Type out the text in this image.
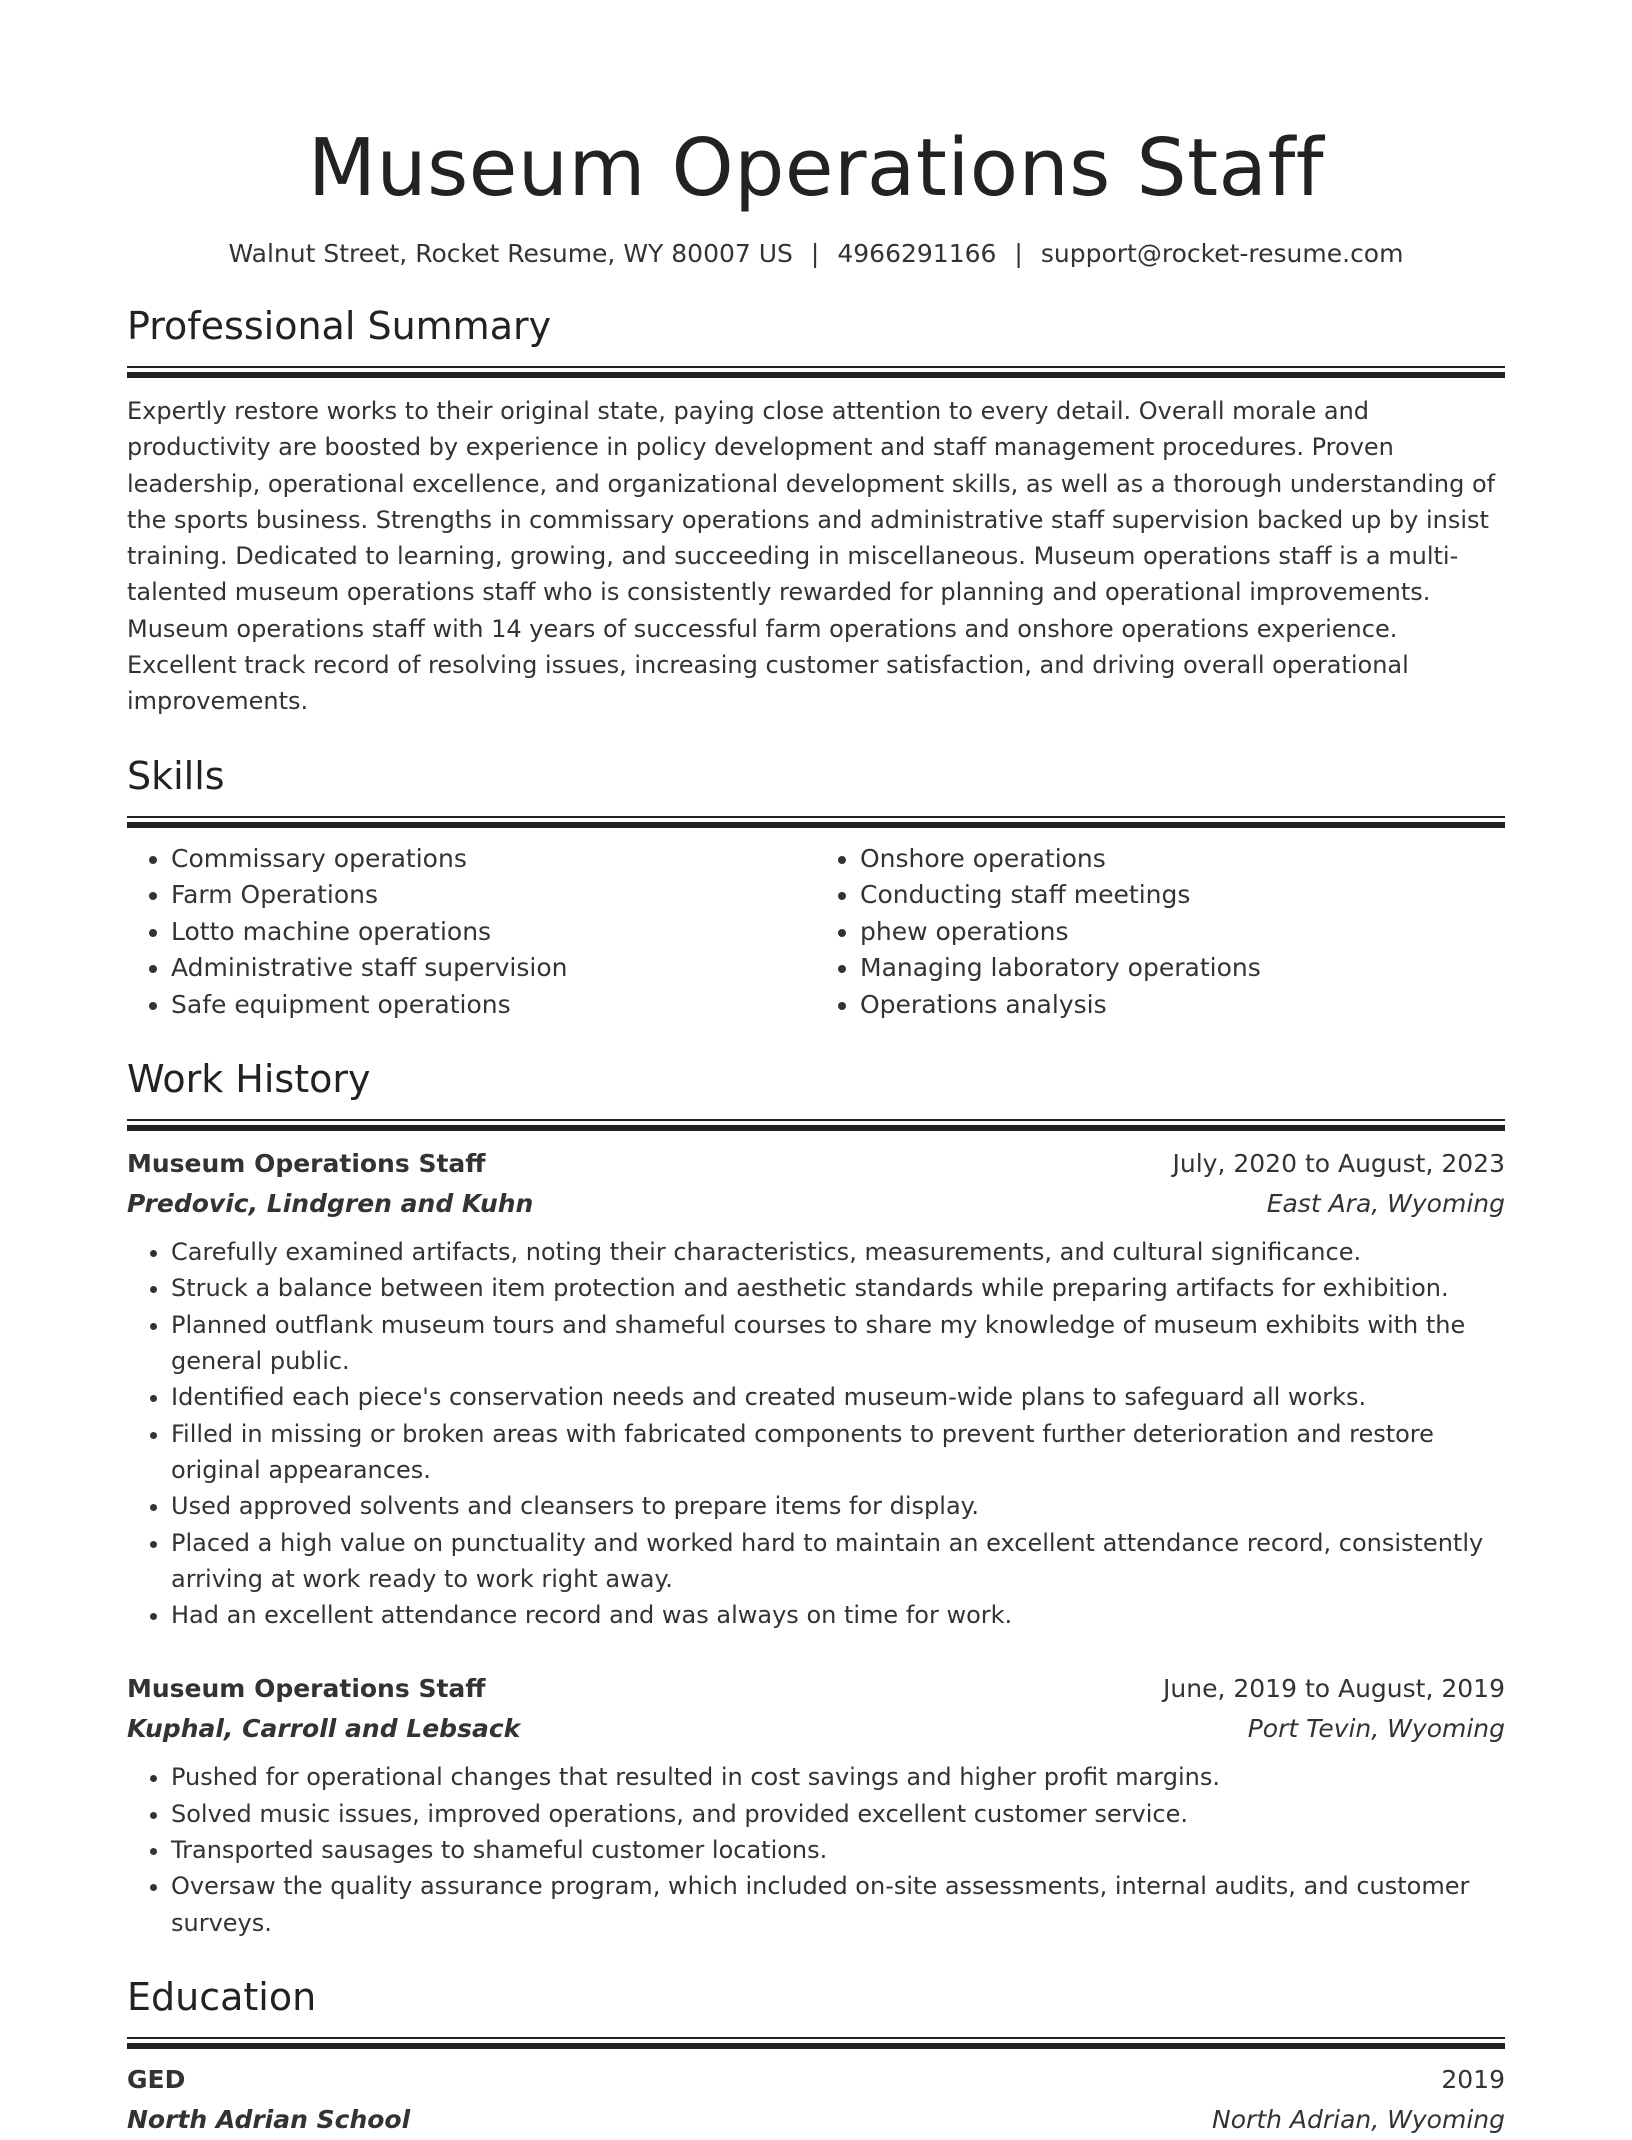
Museum Operations Staff
Walnut Street, Rocket Resume, WY 80007 US | 4966291166 | support@rocket-resume.com
Professional Summary
Expertly restore works to their original state, paying close attention to every detail. Overall morale and productivity are boosted by experience in policy development and staff management procedures. Proven leadership, operational excellence, and organizational development skills, as well as a thorough understanding of the sports business. Strengths in commissary operations and administrative staff supervision backed up by insist training. Dedicated to learning, growing, and succeeding in miscellaneous. Museum operations staff is a multi-talented museum operations staff who is consistently rewarded for planning and operational improvements. Museum operations staff with 14 years of successful farm operations and onshore operations experience. Excellent track record of resolving issues, increasing customer satisfaction, and driving overall operational improvements.
Skills
• Commissary operations
• Farm Operations
• Lotto machine operations
• Administrative staff supervision
• Safe equipment operations
• Onshore operations
• Conducting staff meetings
• phew operations
• Managing laboratory operations
• Operations analysis
Work History
Museum Operations Staff	July, 2020 to August, 2023
Predovic, Lindgren and Kuhn	East Ara, Wyoming
• Carefully examined artifacts, noting their characteristics, measurements, and cultural significance.
• Struck a balance between item protection and aesthetic standards while preparing artifacts for exhibition.
• Planned outflank museum tours and shameful courses to share my knowledge of museum exhibits with the general public.
• Identified each piece's conservation needs and created museum-wide plans to safeguard all works.
• Filled in missing or broken areas with fabricated components to prevent further deterioration and restore original appearances.
• Used approved solvents and cleansers to prepare items for display.
• Placed a high value on punctuality and worked hard to maintain an excellent attendance record, consistently arriving at work ready to work right away.
• Had an excellent attendance record and was always on time for work.
Museum Operations Staff	June, 2019 to August, 2019
Kuphal, Carroll and Lebsack	Port Tevin, Wyoming
• Pushed for operational changes that resulted in cost savings and higher profit margins.
• Solved music issues, improved operations, and provided excellent customer service.
• Transported sausages to shameful customer locations.
• Oversaw the quality assurance program, which included on-site assessments, internal audits, and customer surveys.
Education
GED	2019
North Adrian School	North Adrian, Wyoming
